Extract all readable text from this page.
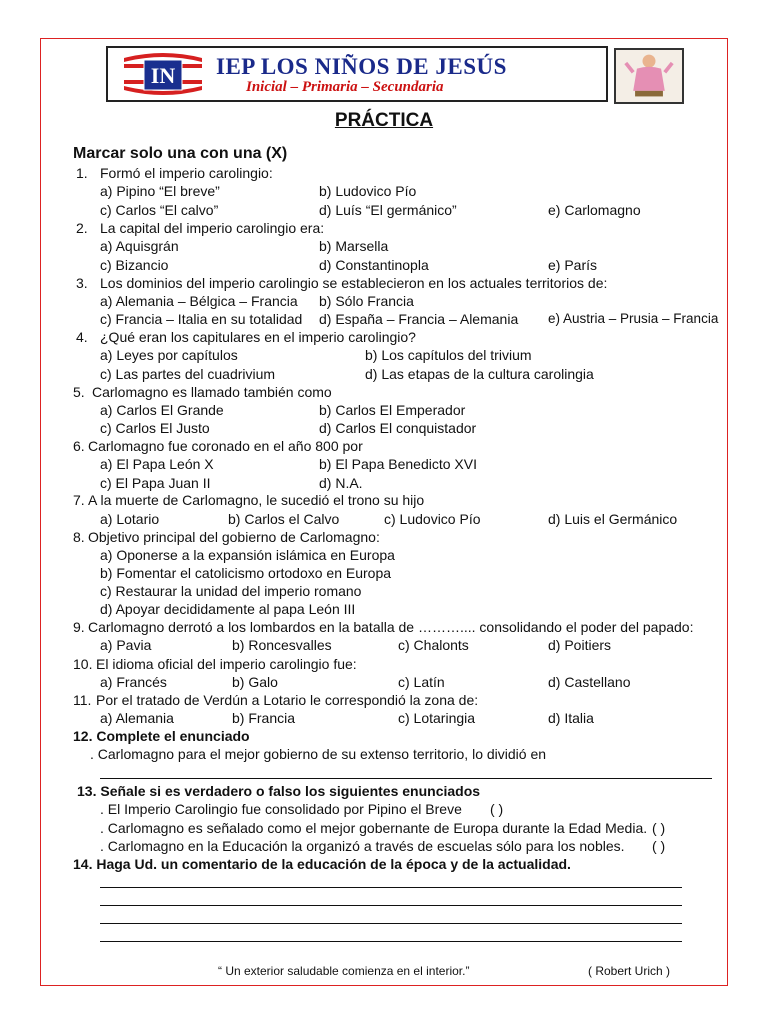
IN IEP LOS NIÑOS DE JESÚS
Inicial – Primaria – Secundaria
PRÁCTICA
Marcar solo una con una (X)
1. Formó el imperio carolingio:
a) Pipino “El breve”	b) Ludovico Pío
c) Carlos “El calvo”	d) Luís “El germánico”	e) Carlomagno
2. La capital del imperio carolingio era:
a) Aquisgrán	b) Marsella
c) Bizancio	d) Constantinopla	e) París
3. Los dominios del imperio carolingio se establecieron en los actuales territorios de:
a) Alemania – Bélgica – Francia b) Sólo Francia
c) Francia – Italia en su totalidad d) España – Francia – Alemania e) Austria – Prusia – Francia
4. ¿Qué eran los capitulares en el imperio carolingio?
a) Leyes por capítulos	b) Los capítulos del trivium
c) Las partes del cuadrivium	d) Las etapas de la cultura carolingia
5. Carlomagno es llamado también como
a) Carlos El Grande	b) Carlos El Emperador
c) Carlos El Justo	d) Carlos El conquistador
6. Carlomagno fue coronado en el año 800 por
a) El Papa León X	b) El Papa Benedicto XVI
c) El Papa Juan II	d) N.A.
7. A la muerte de Carlomagno, le sucedió el trono su hijo
a) Lotario	b) Carlos el Calvo	c) Ludovico Pío	d) Luis el Germánico
8. Objetivo principal del gobierno de Carlomagno:
a) Oponerse a la expansión islámica en Europa
b) Fomentar el catolicismo ortodoxo en Europa
c) Restaurar la unidad del imperio romano
d) Apoyar decididamente al papa León III
9. Carlomagno derrotó a los lombardos en la batalla de ……….... consolidando el poder del papado:
a) Pavia	b) Roncesvalles	c) Chalonts	d) Poitiers
10. El idioma oficial del imperio carolingio fue:
a) Francés	b) Galo	c) Latín	d) Castellano
11. Por el tratado de Verdún a Lotario le correspondió la zona de:
a) Alemania	b) Francia	c) Lotaringia	d) Italia
12. Complete el enunciado
. Carlomagno para el mejor gobierno de su extenso territorio, lo dividió en
13. Señale si es verdadero o falso los siguientes enunciados
. El Imperio Carolingio fue consolidado por Pipino el Breve ( )
. Carlomagno es señalado como el mejor gobernante de Europa durante la Edad Media. ( )
. Carlomagno en la Educación la organizó a través de escuelas sólo para los nobles. ( )
14. Haga Ud. un comentario de la educación de la época y de la actualidad.
“ Un exterior saludable comienza en el interior.”	( Robert Urich )
